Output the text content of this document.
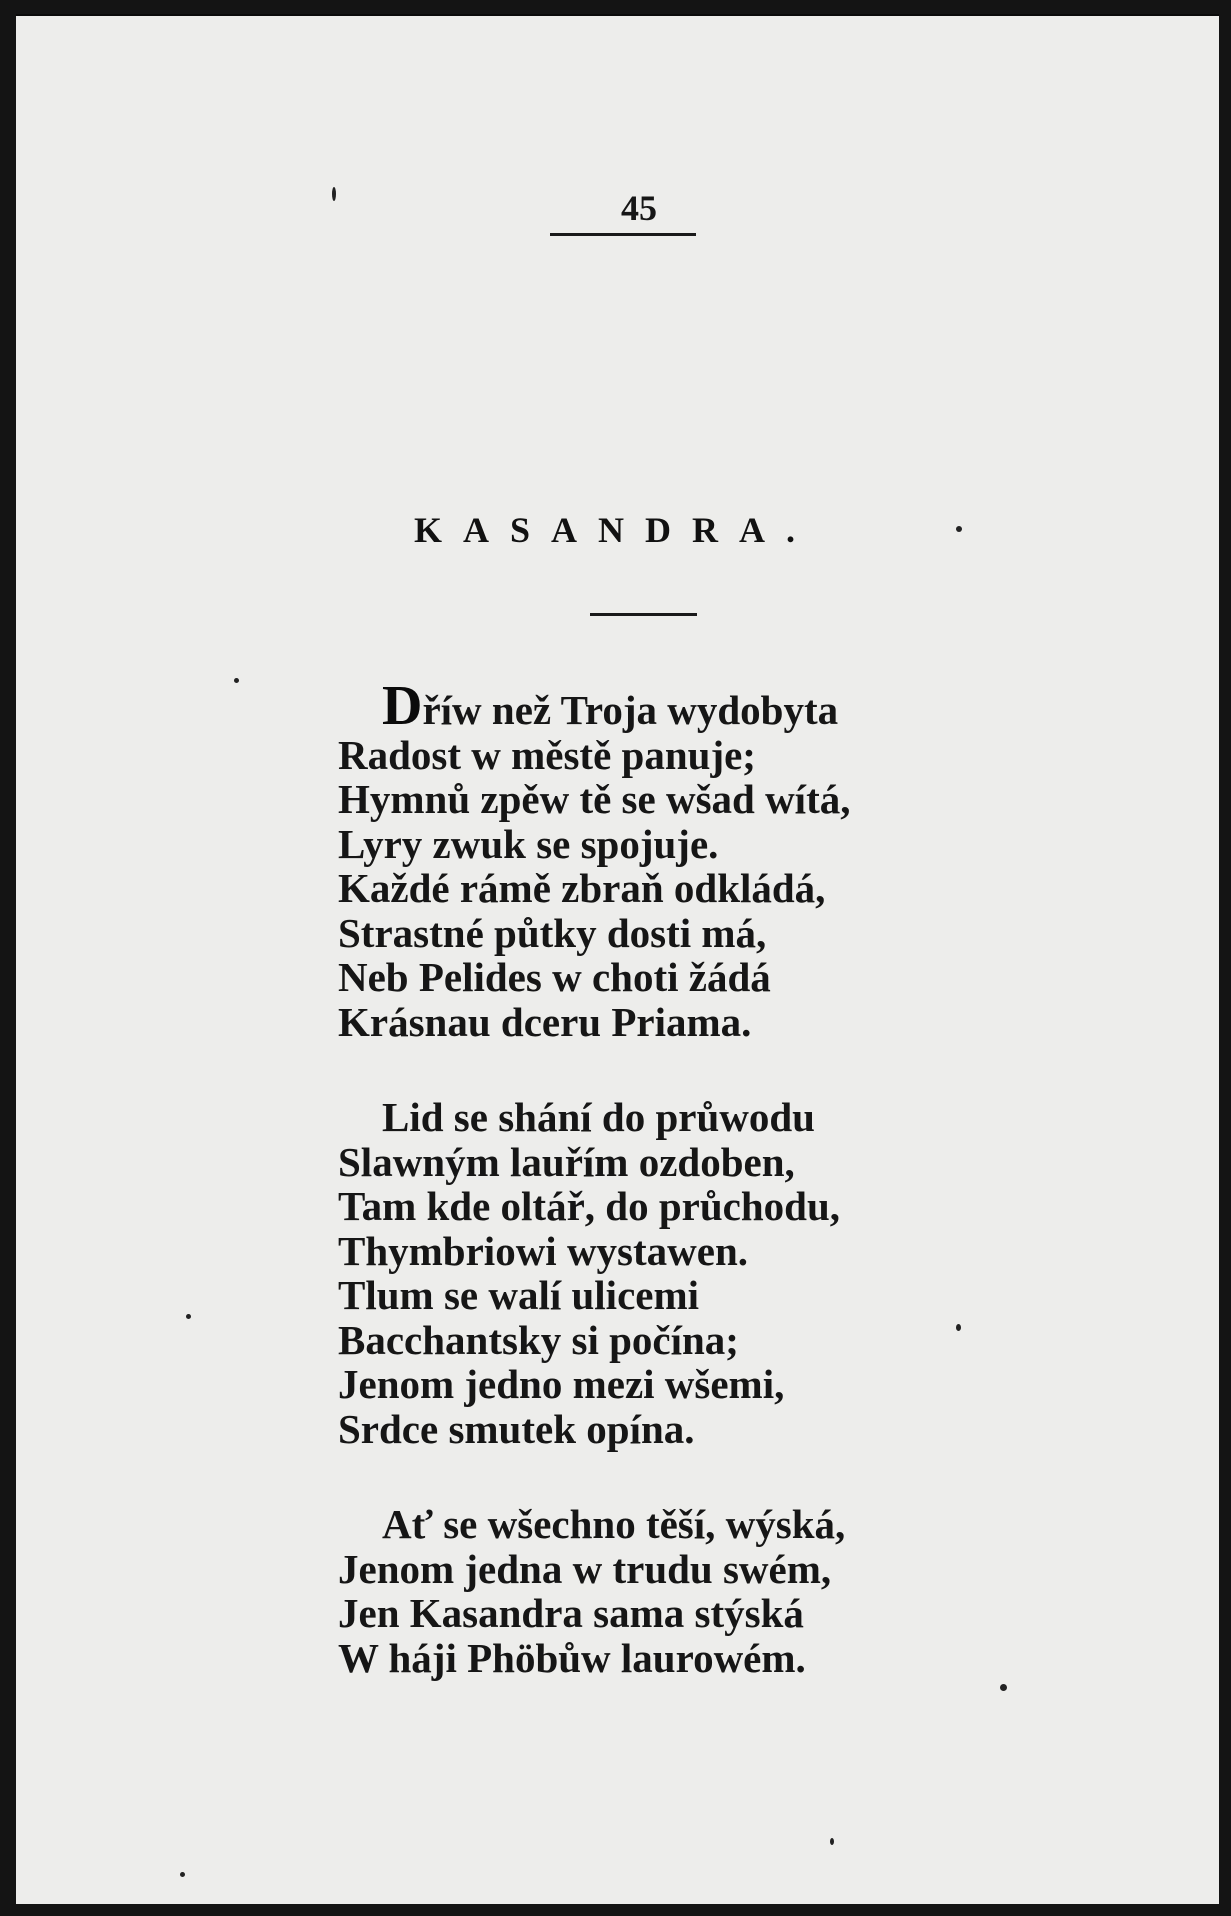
45
KASANDRA.
Dříw než Troja wydobyta
Radost w městě panuje;
Hymnů zpěw tě se wšad wítá,
Lyry zwuk se spojuje.
Každé rámě zbraň odkládá,
Strastné půtky dosti má,
Neb Pelides w choti žádá
Krásnau dceru Priama.
Lid se shání do průwodu
Slawným lauřím ozdoben,
Tam kde oltář, do průchodu,
Thymbriowi wystawen.
Tlum se walí ulicemi
Bacchantsky si počína;
Jenom jedno mezi wšemi,
Srdce smutek opína.
Ať se wšechno těší, wýská,
Jenom jedna w trudu swém,
Jen Kasandra sama stýská
W háji Phöbůw laurowém.
